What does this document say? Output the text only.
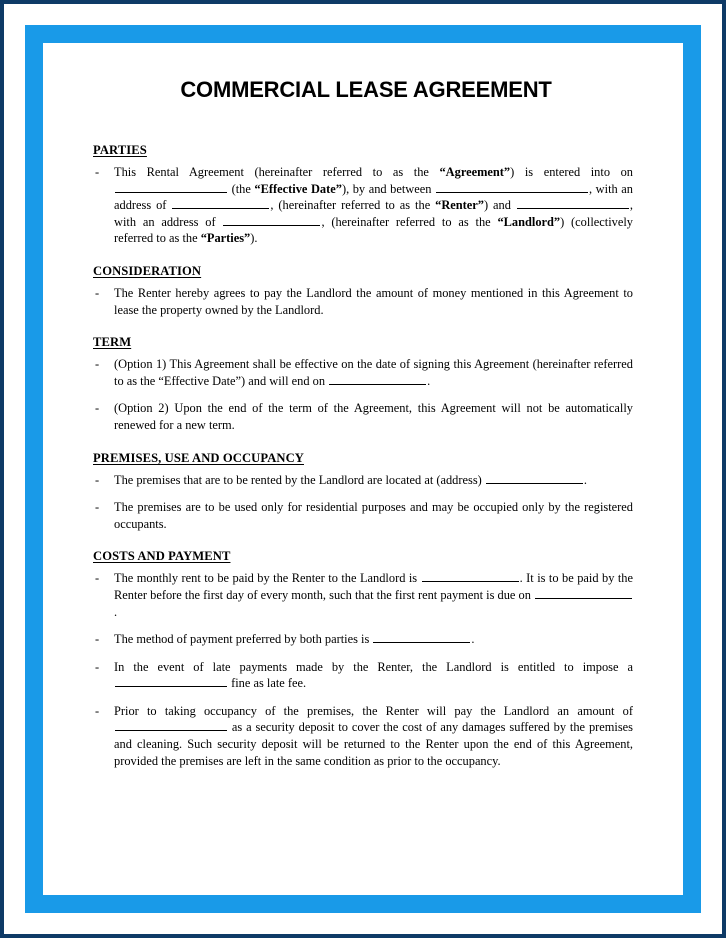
COMMERCIAL LEASE AGREEMENT
PARTIES

- This Rental Agreement (hereinafter referred to as the “Agreement”) is entered into on  (the “Effective Date”), by and between	, with an address of	, (hereinafter referred to as the “Renter”) and	, with an address of	, (hereinafter referred to as the “Landlord”) (collectively referred to as the “Parties”).

CONSIDERATION

- The Renter hereby agrees to pay the Landlord the amount of money mentioned in this Agreement to lease the property owned by the Landlord.

TERM

- (Option 1) This Agreement shall be effective on the date of signing this Agreement (hereinafter referred to as the “Effective Date”) and will end on	.

- (Option 2) Upon the end of the term of the Agreement, this Agreement will not be automatically renewed for a new term.

PREMISES, USE AND OCCUPANCY

- The premises that are to be rented by the Landlord are located at (address)	.

- The premises are to be used only for residential purposes and may be occupied only by the registered occupants.

COSTS AND PAYMENT

- The monthly rent to be paid by the Renter to the Landlord is	. It is to be paid by the Renter before the first day of every month, such that the first rent payment is due on .

- The method of payment preferred by both parties is	.

- In the event of late payments made by the Renter, the Landlord is entitled to impose a  fine as late fee.

- Prior to taking occupancy of the premises, the Renter will pay the Landlord an amount of  as a security deposit to cover the cost of any damages suffered by the premises and cleaning. Such security deposit will be returned to the Renter upon the end of this Agreement, provided the premises are left in the same condition as prior to the occupancy.
